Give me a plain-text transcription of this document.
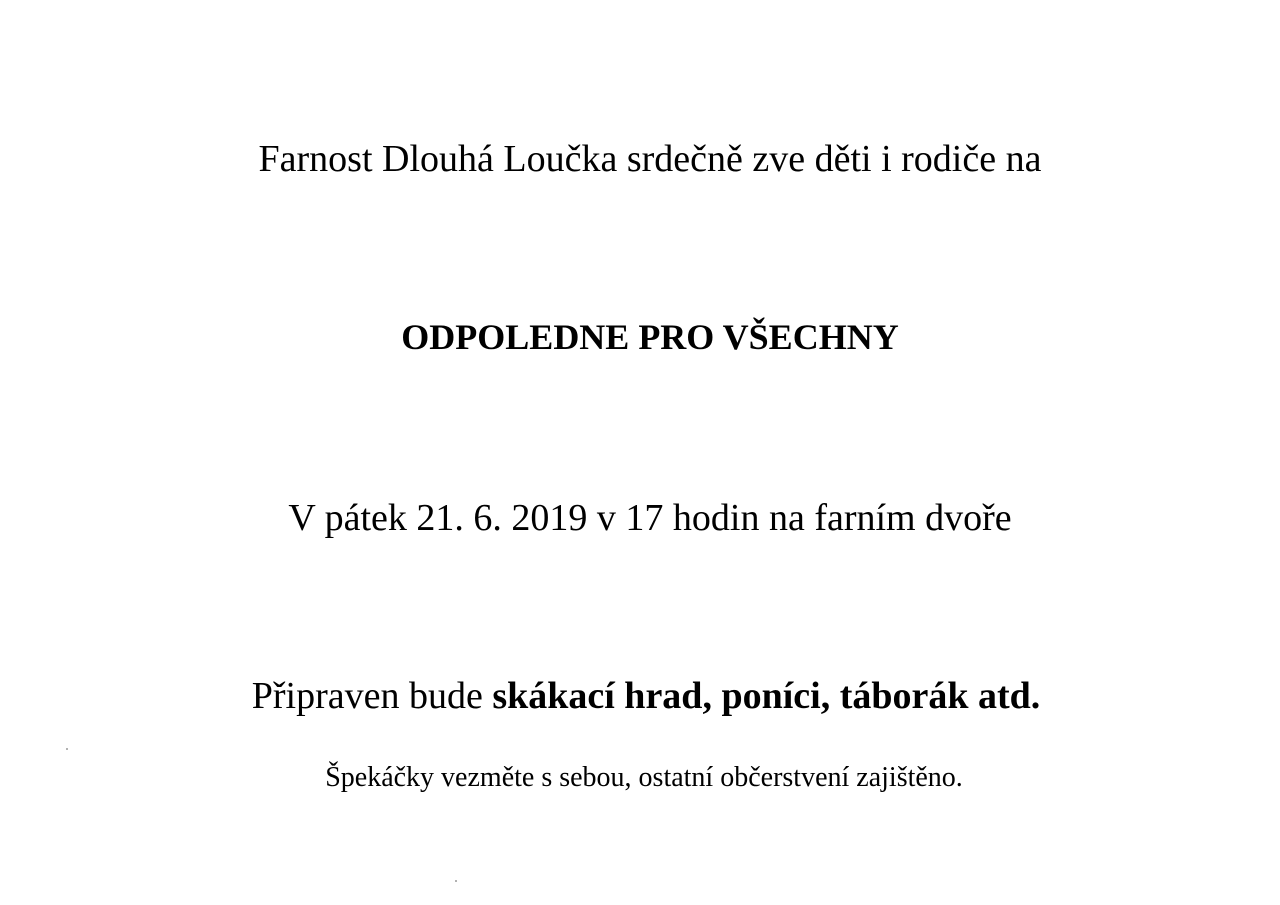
Farnost Dlouhá Loučka srdečně zve děti i rodiče na
ODPOLEDNE PRO VŠECHNY
V pátek 21. 6. 2019 v 17 hodin na farním dvoře
Připraven bude skákací hrad, poníci, táborák atd.
Špekáčky vezměte s sebou, ostatní občerstvení zajištěno.
